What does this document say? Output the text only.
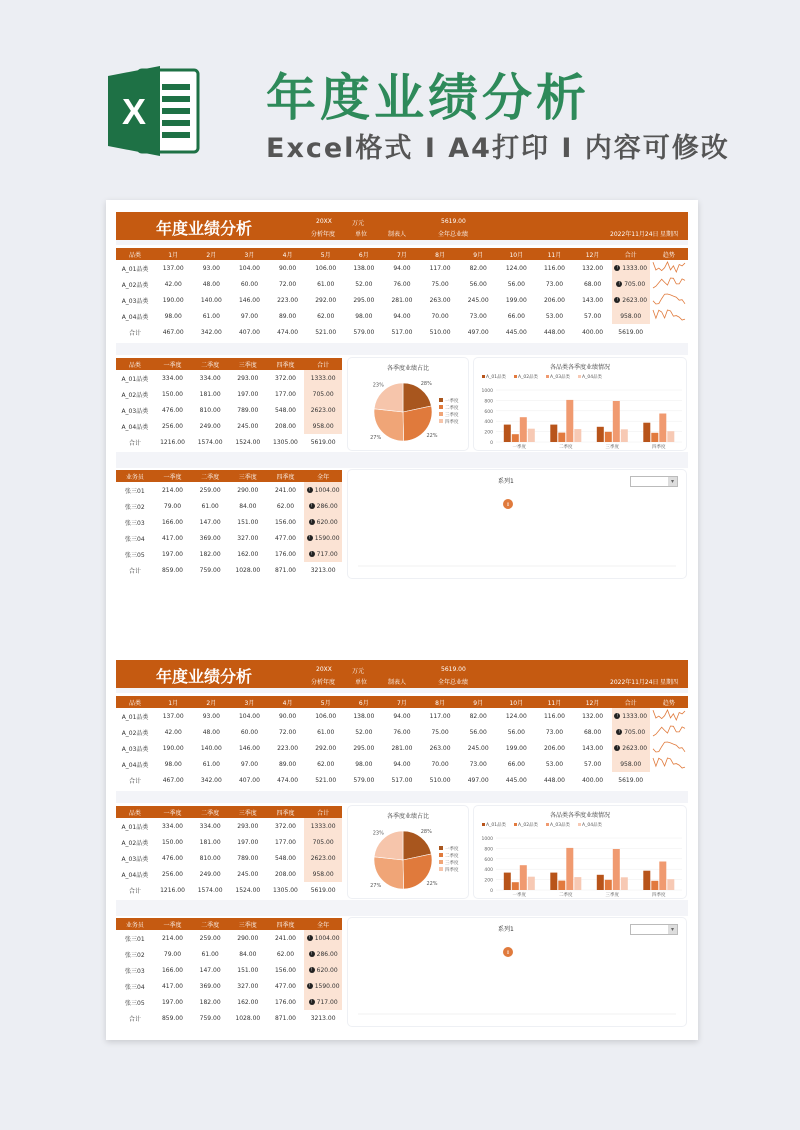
X 年度业绩分析
Excel格式 I A4打印 I 内容可修改
年度业绩分析	20XX
分析年度
万元
单位	制表人
5619.00
全年总业绩	2022年11月24日 星期四
品类	1月	2月	3月	4月	5月	6月	7月	8月	9月	10月	11月	12月	合计	趋势
A_01品类	137.00	93.00	104.00	90.00	106.00	138.00	94.00	117.00	82.00	124.00	116.00	132.00	! 1333.00	
A_02品类	42.00	48.00	60.00	72.00	61.00	52.00	76.00	75.00	56.00	56.00	73.00	68.00	! 705.00	
A_03品类	190.00	140.00	146.00	223.00	292.00	295.00	281.00	263.00	245.00	199.00	206.00	143.00	! 2623.00	
A_04品类	98.00	61.00	97.00	89.00	62.00	98.00	94.00	70.00	73.00	66.00	53.00	57.00	958.00	
合计	467.00	342.00	407.00	474.00	521.00	579.00	517.00	510.00	497.00	445.00	448.00	400.00	5619.00	
品类	一季度	二季度	三季度	四季度	合计
A_01品类	334.00	334.00	293.00	372.00	1333.00
A_02品类	150.00	181.00	197.00	177.00	705.00
A_03品类	476.00	810.00	789.00	548.00	2623.00
A_04品类	256.00	249.00	245.00	208.00	958.00
合计	1216.00	1574.00	1524.00	1305.00	5619.00
各季度业绩占比
28%
22%
27%
23%
一季度
二季度
三季度
四季度
各品类各季度业绩情况
A_01品类	A_02品类	A_03品类	A_04品类
1000
800
600
400
200
0
一季度	二季度	三季度	四季度
业务员	一季度	二季度	三季度	四季度	全年
张三01	214.00	259.00	290.00	241.00	! 1004.00
张三02	79.00	61.00	84.00	62.00	! 286.00
张三03	166.00	147.00	151.00	156.00	! 620.00
张三04	417.00	369.00	327.00	477.00	! 1590.00
张三05	197.00	182.00	162.00	176.00	! 717.00
合计	859.00	759.00	1028.00	871.00	3213.00
系列1	▾
0
年度业绩分析	20XX
分析年度
万元
单位	制表人
5619.00
全年总业绩	2022年11月24日 星期四
品类	1月	2月	3月	4月	5月	6月	7月	8月	9月	10月	11月	12月	合计	趋势
A_01品类	137.00	93.00	104.00	90.00	106.00	138.00	94.00	117.00	82.00	124.00	116.00	132.00	! 1333.00	
A_02品类	42.00	48.00	60.00	72.00	61.00	52.00	76.00	75.00	56.00	56.00	73.00	68.00	! 705.00	
A_03品类	190.00	140.00	146.00	223.00	292.00	295.00	281.00	263.00	245.00	199.00	206.00	143.00	! 2623.00	
A_04品类	98.00	61.00	97.00	89.00	62.00	98.00	94.00	70.00	73.00	66.00	53.00	57.00	958.00	
合计	467.00	342.00	407.00	474.00	521.00	579.00	517.00	510.00	497.00	445.00	448.00	400.00	5619.00	
品类	一季度	二季度	三季度	四季度	合计
A_01品类	334.00	334.00	293.00	372.00	1333.00
A_02品类	150.00	181.00	197.00	177.00	705.00
A_03品类	476.00	810.00	789.00	548.00	2623.00
A_04品类	256.00	249.00	245.00	208.00	958.00
合计	1216.00	1574.00	1524.00	1305.00	5619.00
各季度业绩占比
28%
22%
27%
23%
一季度
二季度
三季度
四季度
各品类各季度业绩情况
A_01品类	A_02品类	A_03品类	A_04品类
1000
800
600
400
200
0
一季度	二季度	三季度	四季度
业务员	一季度	二季度	三季度	四季度	全年
张三01	214.00	259.00	290.00	241.00	! 1004.00
张三02	79.00	61.00	84.00	62.00	! 286.00
张三03	166.00	147.00	151.00	156.00	! 620.00
张三04	417.00	369.00	327.00	477.00	! 1590.00
张三05	197.00	182.00	162.00	176.00	! 717.00
合计	859.00	759.00	1028.00	871.00	3213.00
系列1	▾
0
